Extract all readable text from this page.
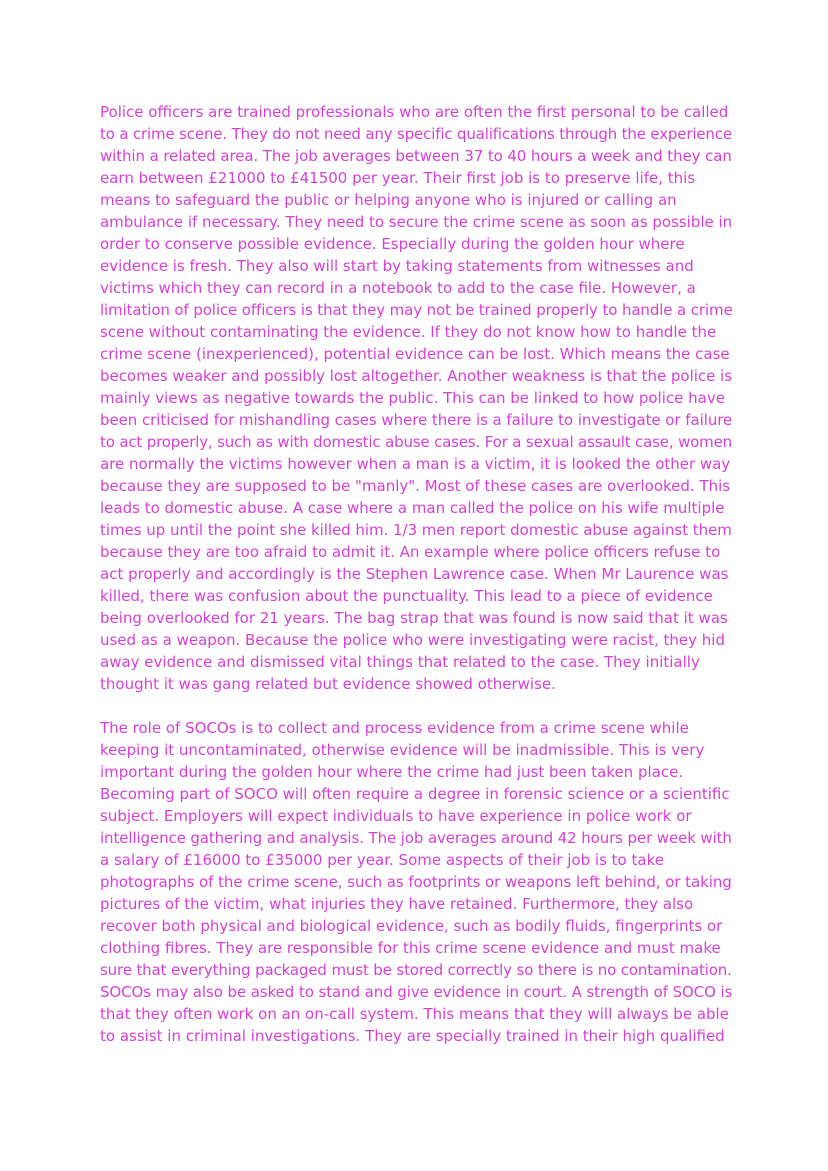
Police officers are trained professionals who are often the first personal to be called
to a crime scene. They do not need any specific qualifications through the experience
within a related area. The job averages between 37 to 40 hours a week and they can
earn between £21000 to £41500 per year. Their first job is to preserve life, this
means to safeguard the public or helping anyone who is injured or calling an
ambulance if necessary. They need to secure the crime scene as soon as possible in
order to conserve possible evidence. Especially during the golden hour where
evidence is fresh. They also will start by taking statements from witnesses and
victims which they can record in a notebook to add to the case file. However, a
limitation of police officers is that they may not be trained properly to handle a crime
scene without contaminating the evidence. If they do not know how to handle the
crime scene (inexperienced), potential evidence can be lost. Which means the case
becomes weaker and possibly lost altogether. Another weakness is that the police is
mainly views as negative towards the public. This can be linked to how police have
been criticised for mishandling cases where there is a failure to investigate or failure
to act properly, such as with domestic abuse cases. For a sexual assault case, women
are normally the victims however when a man is a victim, it is looked the other way
because they are supposed to be "manly". Most of these cases are overlooked. This
leads to domestic abuse. A case where a man called the police on his wife multiple
times up until the point she killed him. 1/3 men report domestic abuse against them
because they are too afraid to admit it. An example where police officers refuse to
act properly and accordingly is the Stephen Lawrence case. When Mr Laurence was
killed, there was confusion about the punctuality. This lead to a piece of evidence
being overlooked for 21 years. The bag strap that was found is now said that it was
used as a weapon. Because the police who were investigating were racist, they hid
away evidence and dismissed vital things that related to the case. They initially
thought it was gang related but evidence showed otherwise.

The role of SOCOs is to collect and process evidence from a crime scene while
keeping it uncontaminated, otherwise evidence will be inadmissible. This is very
important during the golden hour where the crime had just been taken place.
Becoming part of SOCO will often require a degree in forensic science or a scientific
subject. Employers will expect individuals to have experience in police work or
intelligence gathering and analysis. The job averages around 42 hours per week with
a salary of £16000 to £35000 per year. Some aspects of their job is to take
photographs of the crime scene, such as footprints or weapons left behind, or taking
pictures of the victim, what injuries they have retained. Furthermore, they also
recover both physical and biological evidence, such as bodily fluids, fingerprints or
clothing fibres. They are responsible for this crime scene evidence and must make
sure that everything packaged must be stored correctly so there is no contamination.
SOCOs may also be asked to stand and give evidence in court. A strength of SOCO is
that they often work on an on-call system. This means that they will always be able
to assist in criminal investigations. They are specially trained in their high qualified
